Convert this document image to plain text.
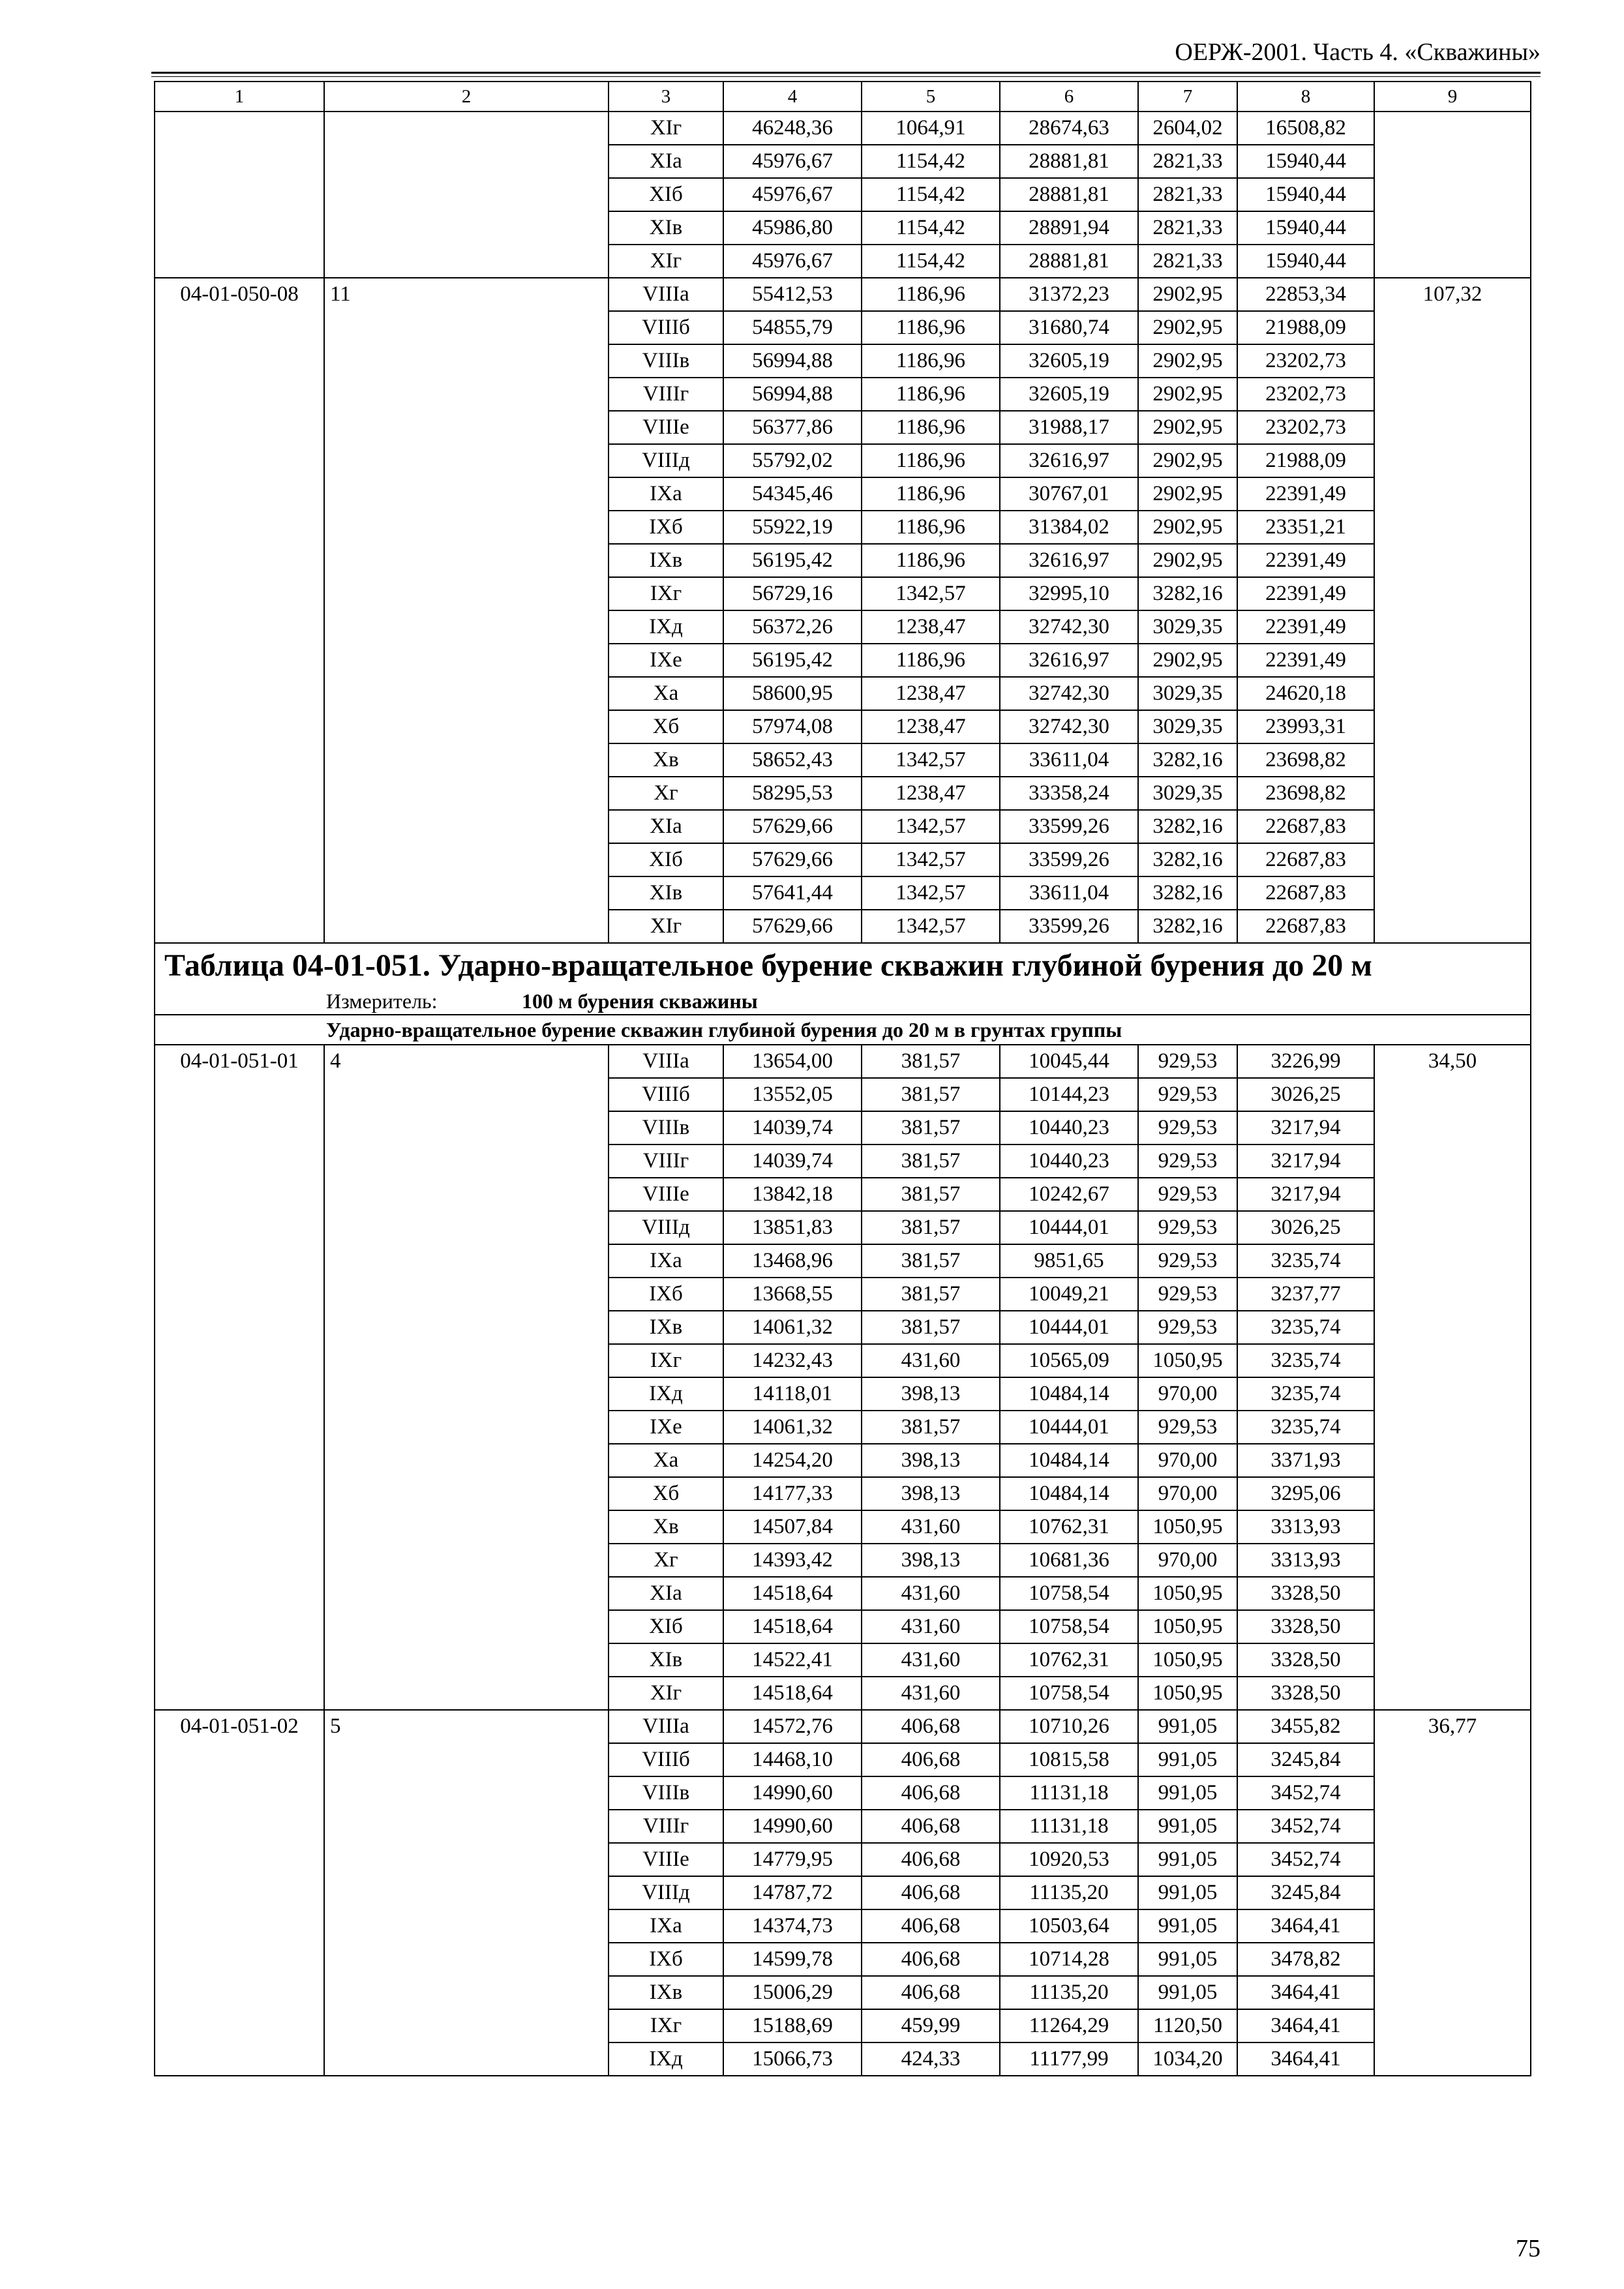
ОЕРЖ-2001. Часть 4. «Скважины»
1	2	3	4	5	6	7	8	9
		XIг	46248,36	1064,91	28674,63	2604,02	16508,82	
		XIа	45976,67	1154,42	28881,81	2821,33	15940,44	
		XIб	45976,67	1154,42	28881,81	2821,33	15940,44	
		XIв	45986,80	1154,42	28891,94	2821,33	15940,44	
		XIг	45976,67	1154,42	28881,81	2821,33	15940,44	
04-01-050-08	11	VIIIа	55412,53	1186,96	31372,23	2902,95	22853,34	107,32
		VIIIб	54855,79	1186,96	31680,74	2902,95	21988,09	
		VIIIв	56994,88	1186,96	32605,19	2902,95	23202,73	
		VIIIг	56994,88	1186,96	32605,19	2902,95	23202,73	
		VIIIе	56377,86	1186,96	31988,17	2902,95	23202,73	
		VIIIд	55792,02	1186,96	32616,97	2902,95	21988,09	
		IXа	54345,46	1186,96	30767,01	2902,95	22391,49	
		IXб	55922,19	1186,96	31384,02	2902,95	23351,21	
		IXв	56195,42	1186,96	32616,97	2902,95	22391,49	
		IXг	56729,16	1342,57	32995,10	3282,16	22391,49	
		IXд	56372,26	1238,47	32742,30	3029,35	22391,49	
		IXе	56195,42	1186,96	32616,97	2902,95	22391,49	
		Xа	58600,95	1238,47	32742,30	3029,35	24620,18	
		Xб	57974,08	1238,47	32742,30	3029,35	23993,31	
		Xв	58652,43	1342,57	33611,04	3282,16	23698,82	
		Xг	58295,53	1238,47	33358,24	3029,35	23698,82	
		XIа	57629,66	1342,57	33599,26	3282,16	22687,83	
		XIб	57629,66	1342,57	33599,26	3282,16	22687,83	
		XIв	57641,44	1342,57	33611,04	3282,16	22687,83	
		XIг	57629,66	1342,57	33599,26	3282,16	22687,83	
Таблица 04-01-051. Ударно-вращательное бурение скважин глубиной бурения до 20 м								
Измеритель: 100 м бурения скважины								
Ударно-вращательное бурение скважин глубиной бурения до 20 м в грунтах группы								
04-01-051-01	4	VIIIа	13654,00	381,57	10045,44	929,53	3226,99	34,50
		VIIIб	13552,05	381,57	10144,23	929,53	3026,25	
		VIIIв	14039,74	381,57	10440,23	929,53	3217,94	
		VIIIг	14039,74	381,57	10440,23	929,53	3217,94	
		VIIIе	13842,18	381,57	10242,67	929,53	3217,94	
		VIIIд	13851,83	381,57	10444,01	929,53	3026,25	
		IXа	13468,96	381,57	9851,65	929,53	3235,74	
		IXб	13668,55	381,57	10049,21	929,53	3237,77	
		IXв	14061,32	381,57	10444,01	929,53	3235,74	
		IXг	14232,43	431,60	10565,09	1050,95	3235,74	
		IXд	14118,01	398,13	10484,14	970,00	3235,74	
		IXе	14061,32	381,57	10444,01	929,53	3235,74	
		Xа	14254,20	398,13	10484,14	970,00	3371,93	
		Xб	14177,33	398,13	10484,14	970,00	3295,06	
		Xв	14507,84	431,60	10762,31	1050,95	3313,93	
		Xг	14393,42	398,13	10681,36	970,00	3313,93	
		XIа	14518,64	431,60	10758,54	1050,95	3328,50	
		XIб	14518,64	431,60	10758,54	1050,95	3328,50	
		XIв	14522,41	431,60	10762,31	1050,95	3328,50	
		XIг	14518,64	431,60	10758,54	1050,95	3328,50	
04-01-051-02	5	VIIIа	14572,76	406,68	10710,26	991,05	3455,82	36,77
		VIIIб	14468,10	406,68	10815,58	991,05	3245,84	
		VIIIв	14990,60	406,68	11131,18	991,05	3452,74	
		VIIIг	14990,60	406,68	11131,18	991,05	3452,74	
		VIIIе	14779,95	406,68	10920,53	991,05	3452,74	
		VIIIд	14787,72	406,68	11135,20	991,05	3245,84	
		IXа	14374,73	406,68	10503,64	991,05	3464,41	
		IXб	14599,78	406,68	10714,28	991,05	3478,82	
		IXв	15006,29	406,68	11135,20	991,05	3464,41	
		IXг	15188,69	459,99	11264,29	1120,50	3464,41	
		IXд	15066,73	424,33	11177,99	1034,20	3464,41	
75
